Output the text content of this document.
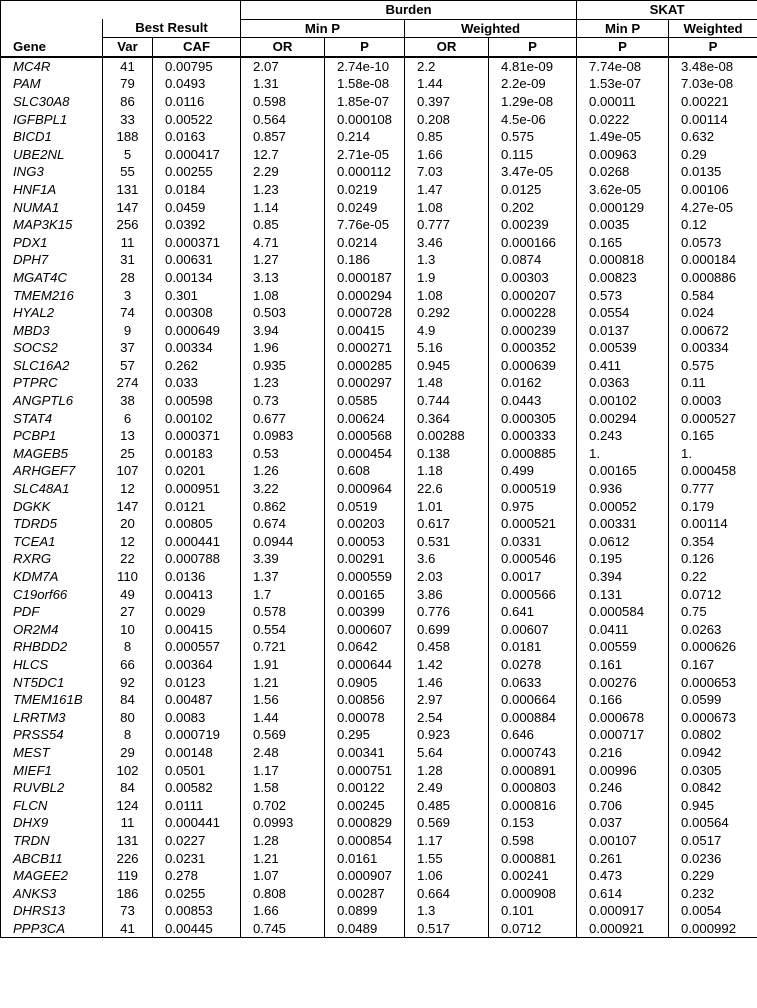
			Burden				SKAT	
	Best Result		Min P		Weighted		Min P	Weighted
Gene	Var	CAF	OR	P	OR	P	P	P
MC4R	41	0.00795	2.07	2.74e-10	2.2	4.81e-09	7.74e-08	3.48e-08
PAM	79	0.0493	1.31	1.58e-08	1.44	2.2e-09	1.53e-07	7.03e-08
SLC30A8	86	0.0116	0.598	1.85e-07	0.397	1.29e-08	0.00011	0.00221
IGFBPL1	33	0.00522	0.564	0.000108	0.208	4.5e-06	0.0222	0.00114
BICD1	188	0.0163	0.857	0.214	0.85	0.575	1.49e-05	0.632
UBE2NL	5	0.000417	12.7	2.71e-05	1.66	0.115	0.00963	0.29
ING3	55	0.00255	2.29	0.000112	7.03	3.47e-05	0.0268	0.0135
HNF1A	131	0.0184	1.23	0.0219	1.47	0.0125	3.62e-05	0.00106
NUMA1	147	0.0459	1.14	0.0249	1.08	0.202	0.000129	4.27e-05
MAP3K15	256	0.0392	0.85	7.76e-05	0.777	0.00239	0.0035	0.12
PDX1	11	0.000371	4.71	0.0214	3.46	0.000166	0.165	0.0573
DPH7	31	0.00631	1.27	0.186	1.3	0.0874	0.000818	0.000184
MGAT4C	28	0.00134	3.13	0.000187	1.9	0.00303	0.00823	0.000886
TMEM216	3	0.301	1.08	0.000294	1.08	0.000207	0.573	0.584
HYAL2	74	0.00308	0.503	0.000728	0.292	0.000228	0.0554	0.024
MBD3	9	0.000649	3.94	0.00415	4.9	0.000239	0.0137	0.00672
SOCS2	37	0.00334	1.96	0.000271	5.16	0.000352	0.00539	0.00334
SLC16A2	57	0.262	0.935	0.000285	0.945	0.000639	0.411	0.575
PTPRC	274	0.033	1.23	0.000297	1.48	0.0162	0.0363	0.11
ANGPTL6	38	0.00598	0.73	0.0585	0.744	0.0443	0.00102	0.0003
STAT4	6	0.00102	0.677	0.00624	0.364	0.000305	0.00294	0.000527
PCBP1	13	0.000371	0.0983	0.000568	0.00288	0.000333	0.243	0.165
MAGEB5	25	0.00183	0.53	0.000454	0.138	0.000885	1.	1.
ARHGEF7	107	0.0201	1.26	0.608	1.18	0.499	0.00165	0.000458
SLC48A1	12	0.000951	3.22	0.000964	22.6	0.000519	0.936	0.777
DGKK	147	0.0121	0.862	0.0519	1.01	0.975	0.00052	0.179
TDRD5	20	0.00805	0.674	0.00203	0.617	0.000521	0.00331	0.00114
TCEA1	12	0.000441	0.0944	0.00053	0.531	0.0331	0.0612	0.354
RXRG	22	0.000788	3.39	0.00291	3.6	0.000546	0.195	0.126
KDM7A	110	0.0136	1.37	0.000559	2.03	0.0017	0.394	0.22
C19orf66	49	0.00413	1.7	0.00165	3.86	0.000566	0.131	0.0712
PDF	27	0.0029	0.578	0.00399	0.776	0.641	0.000584	0.75
OR2M4	10	0.00415	0.554	0.000607	0.699	0.00607	0.0411	0.0263
RHBDD2	8	0.000557	0.721	0.0642	0.458	0.0181	0.00559	0.000626
HLCS	66	0.00364	1.91	0.000644	1.42	0.0278	0.161	0.167
NT5DC1	92	0.0123	1.21	0.0905	1.46	0.0633	0.00276	0.000653
TMEM161B	84	0.00487	1.56	0.00856	2.97	0.000664	0.166	0.0599
LRRTM3	80	0.0083	1.44	0.00078	2.54	0.000884	0.000678	0.000673
PRSS54	8	0.000719	0.569	0.295	0.923	0.646	0.000717	0.0802
MEST	29	0.00148	2.48	0.00341	5.64	0.000743	0.216	0.0942
MIEF1	102	0.0501	1.17	0.000751	1.28	0.000891	0.00996	0.0305
RUVBL2	84	0.00582	1.58	0.00122	2.49	0.000803	0.246	0.0842
FLCN	124	0.0111	0.702	0.00245	0.485	0.000816	0.706	0.945
DHX9	11	0.000441	0.0993	0.000829	0.569	0.153	0.037	0.00564
TRDN	131	0.0227	1.28	0.000854	1.17	0.598	0.00107	0.0517
ABCB11	226	0.0231	1.21	0.0161	1.55	0.000881	0.261	0.0236
MAGEE2	119	0.278	1.07	0.000907	1.06	0.00241	0.473	0.229
ANKS3	186	0.0255	0.808	0.00287	0.664	0.000908	0.614	0.232
DHRS13	73	0.00853	1.66	0.0899	1.3	0.101	0.000917	0.0054
PPP3CA	41	0.00445	0.745	0.0489	0.517	0.0712	0.000921	0.000992
